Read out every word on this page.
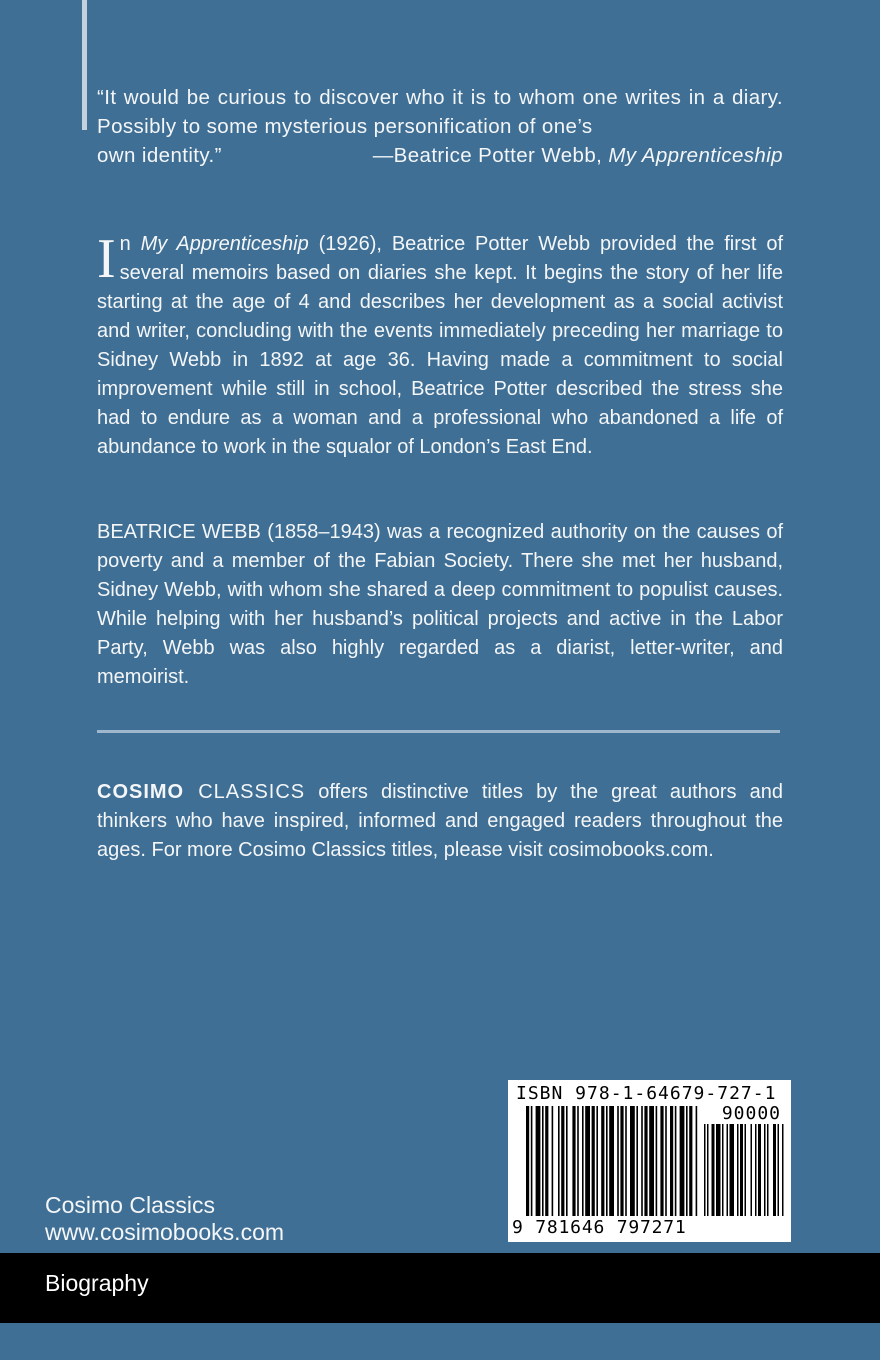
“It would be curious to discover who it is to whom one writes in a diary. Possibly to some mysterious personification of one’s
own identity.”	—Beatrice Potter Webb, My Apprenticeship
In My Apprenticeship (1926), Beatrice Potter Webb provided the first of several memoirs based on diaries she kept. It begins the story of her life starting at the age of 4 and describes her development as a social activist and writer, concluding with the events immediately preceding her marriage to Sidney Webb in 1892 at age 36. Having made a commitment to social improvement while still in school, Beatrice Potter described the stress she had to endure as a woman and a professional who abandoned a life of abundance to work in the squalor of London’s East End.
BEATRICE WEBB (1858–1943) was a recognized authority on the causes of poverty and a member of the Fabian Society. There she met her husband, Sidney Webb, with whom she shared a deep commitment to populist causes. While helping with her husband’s political projects and active in the Labor Party, Webb was also highly regarded as a diarist, letter-writer, and memoirist.
COSIMO CLASSICS offers distinctive titles by the great authors and thinkers who have inspired, informed and engaged readers throughout the ages. For more Cosimo Classics titles, please visit cosimobooks.com.
Cosimo Classics
www.cosimobooks.com
ISBN 978-1-64679-727-1
90000
9 781646 797271
Biography
